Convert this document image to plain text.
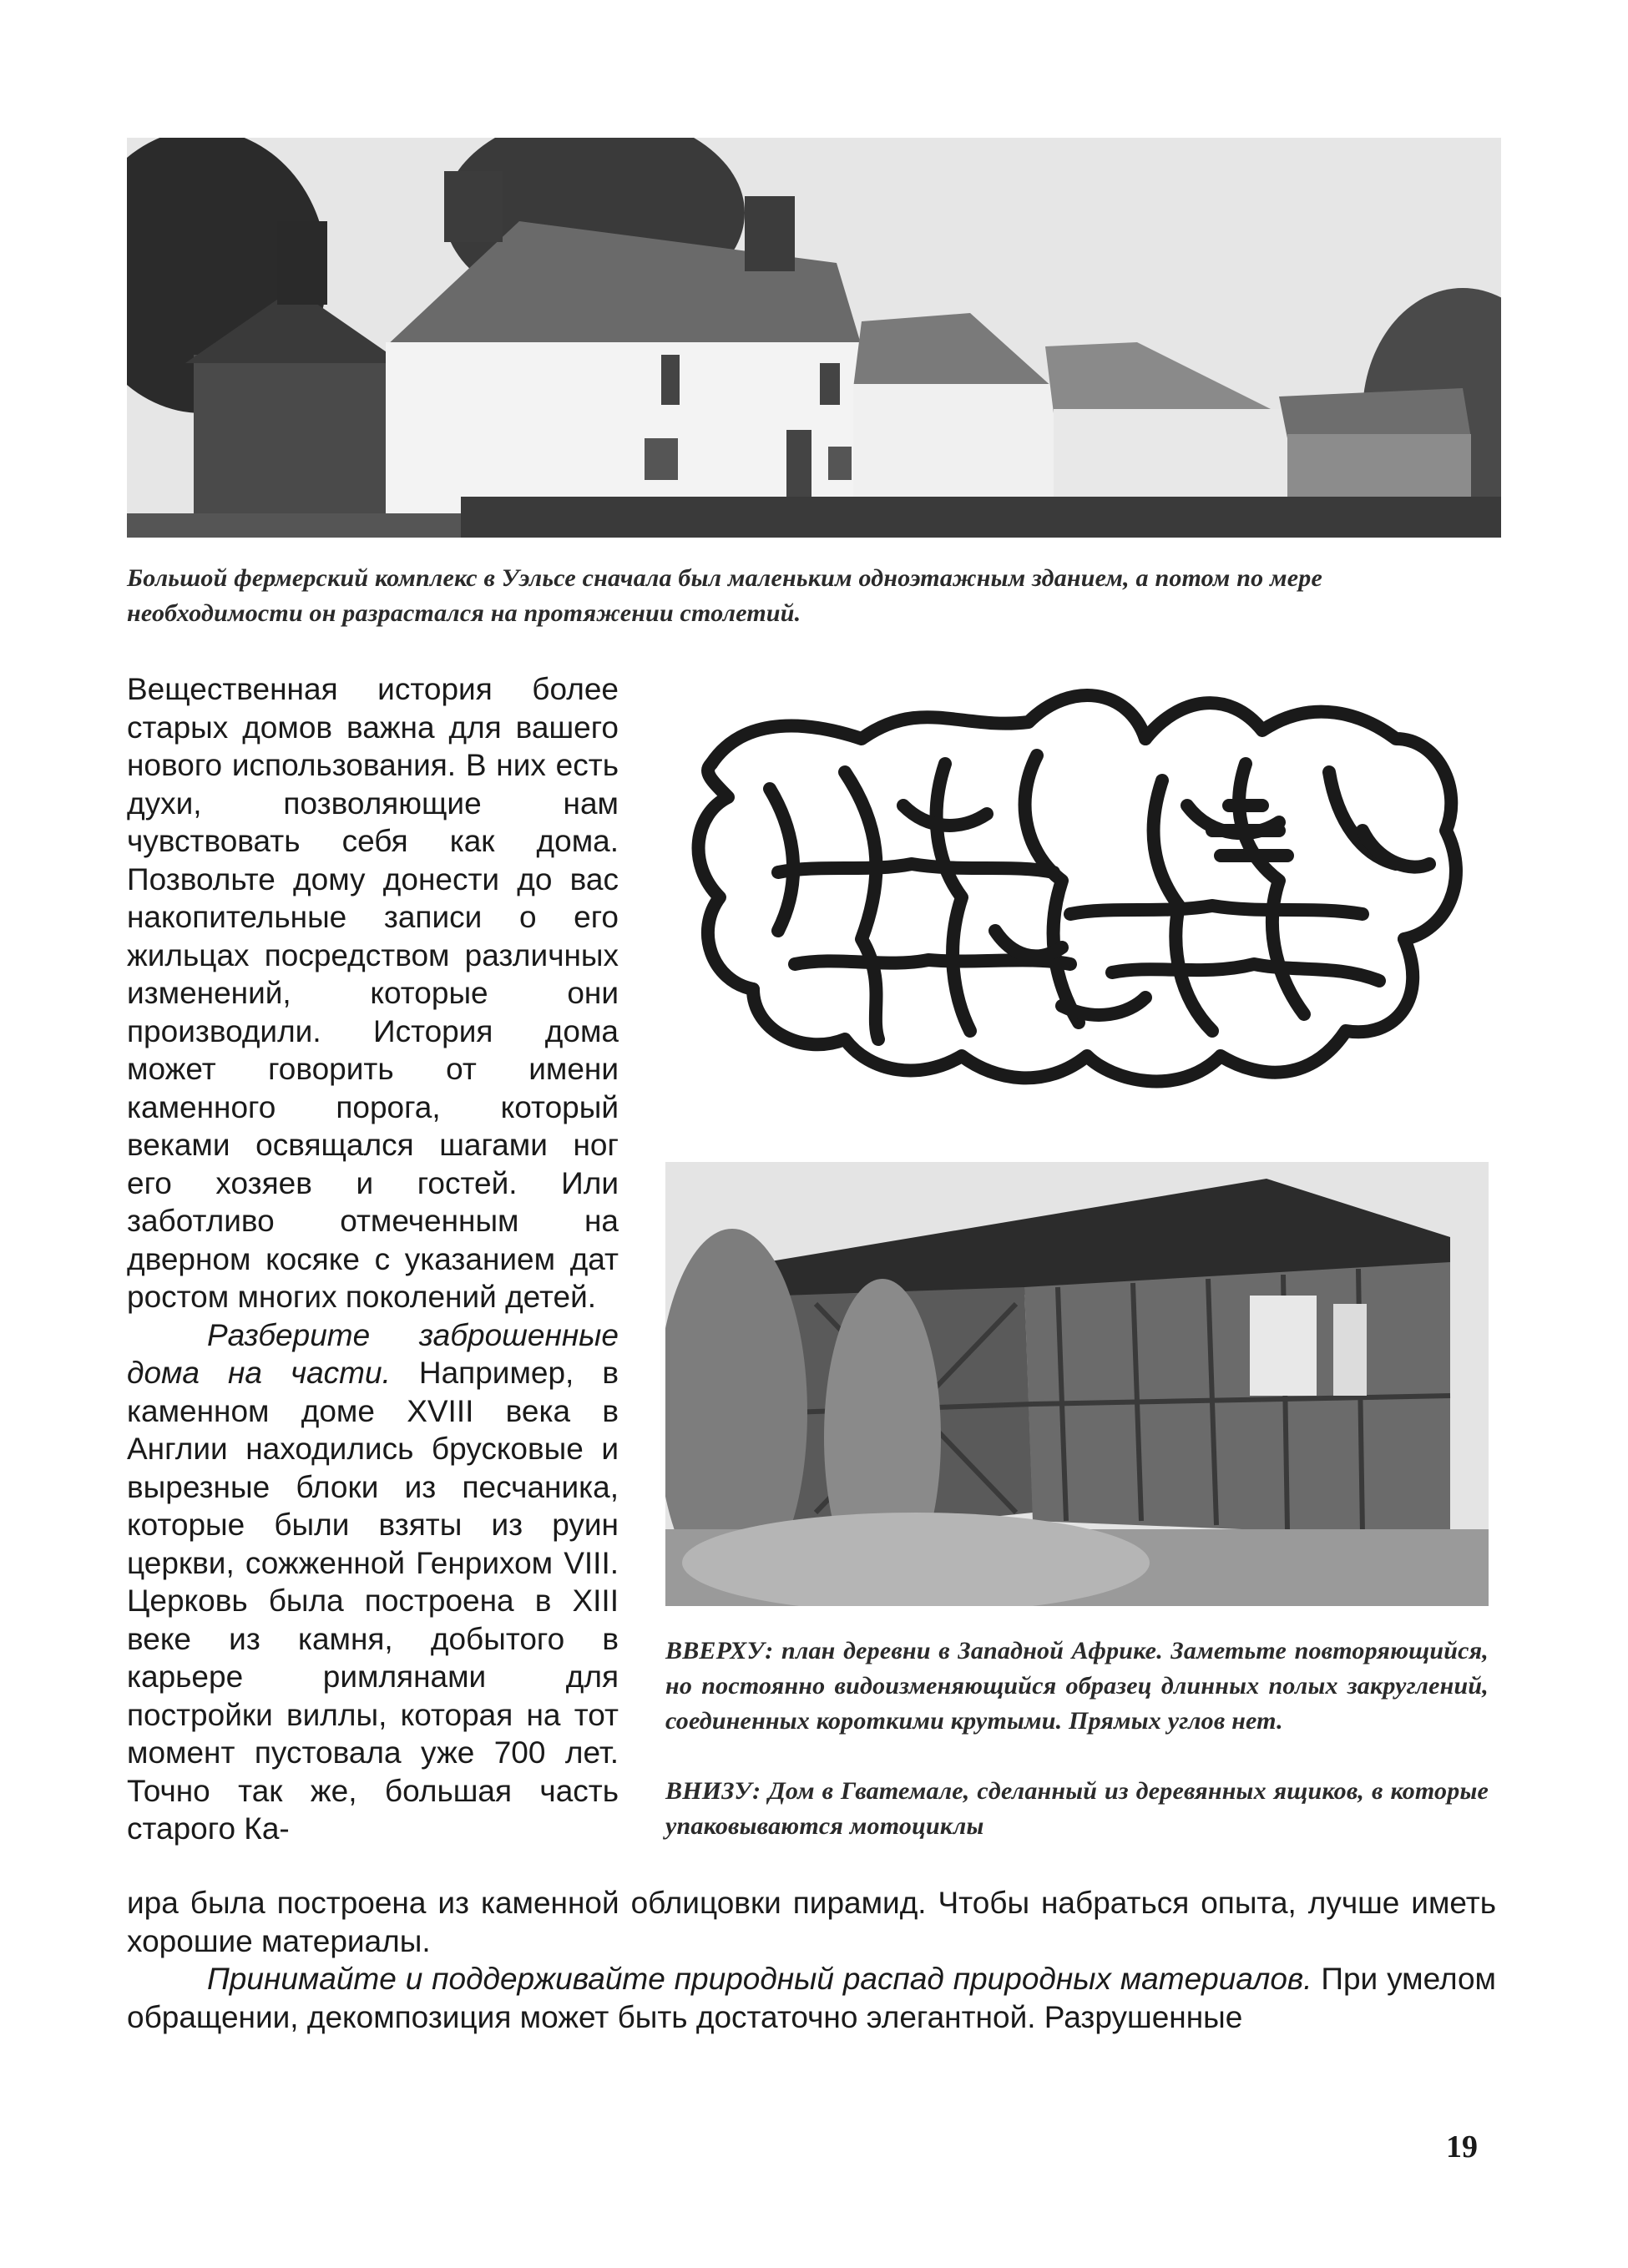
Большой фермерский комплекс в Уэльсе сначала был маленьким одноэтажным зданием, а потом по мере необходимости он разрастался на протяжении столетий.

Вещественная история более старых домов важна для вашего нового использования. В них есть духи, позволяющие нам чувствовать себя как дома. Позвольте дому донести до вас накопительные записи о его жильцах посредством различных изменений, которые они производили. История дома может говорить от имени каменного порога, который веками освящался шагами ног его хозяев и гостей. Или заботливо отмеченным на дверном косяке с указанием дат ростом многих поколений детей.

Разберите заброшенные дома на части. Например, в каменном доме XVIII века в Англии находились брусковые и вырезные блоки из песчаника, которые были взяты из руин церкви, сожженной Генрихом VIII. Церковь была построена в XIII веке из камня, добытого в карьере римлянами для постройки виллы, которая на тот момент пустовала уже 700 лет. Точно так же, большая часть старого Ка-

ВВЕРХУ: план деревни в Западной Африке. Заметьте повторяющийся, но постоянно видоизменяющийся образец длинных полых закруглений, соединенных короткими крутыми. Прямых углов нет.
ВНИЗУ: Дом в Гватемале, сделанный из деревянных ящиков, в которые упаковываются мотоциклы

ира была построена из каменной облицовки пирамид. Чтобы набраться опыта, лучше иметь хорошие материалы.

Принимайте и поддерживайте природный распад природных материалов. При умелом обращении, декомпозиция может быть достаточно элегантной. Разрушенные

19
